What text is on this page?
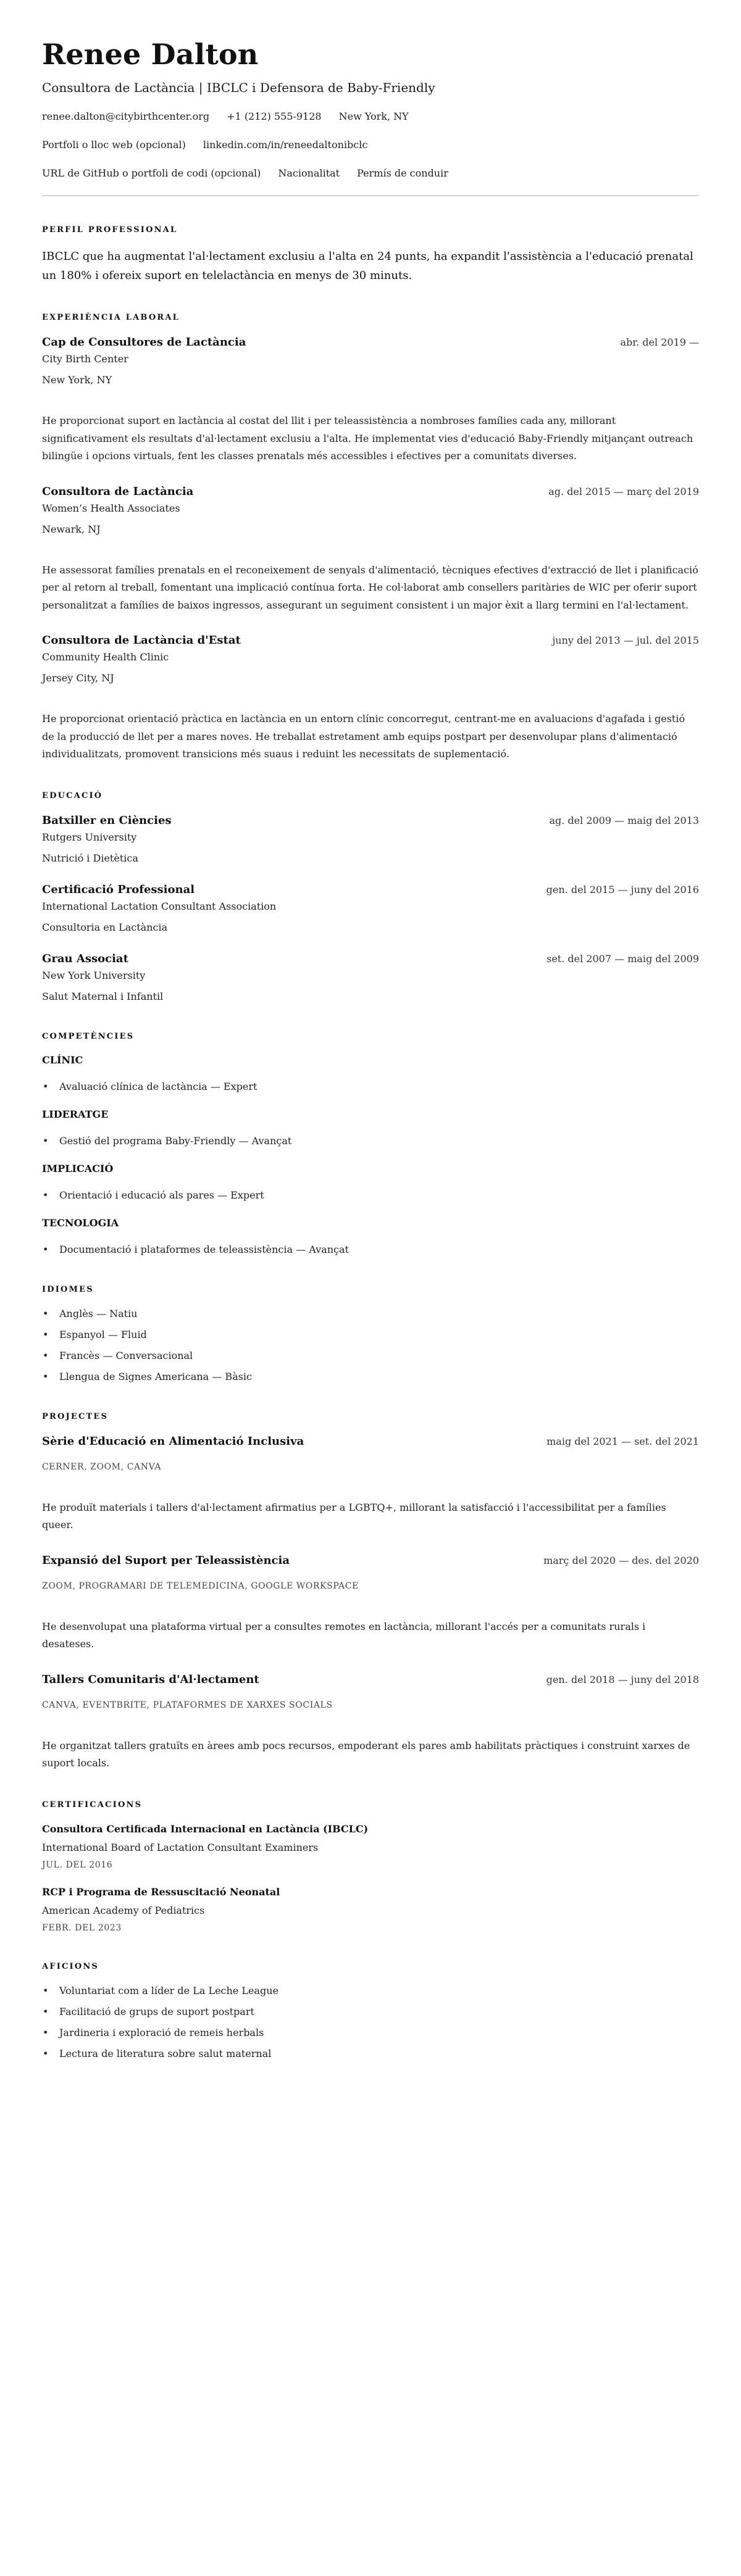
Renee Dalton
Consultora de Lactància | IBCLC i Defensora de Baby-Friendly
renee.dalton@citybirthcenter.org +1 (212) 555-9128 New York, NY
Portfoli o lloc web (opcional) linkedin.com/in/reneedaltonibclc
URL de GitHub o portfoli de codi (opcional) Nacionalitat Permís de conduir
PERFIL PROFESSIONAL

IBCLC que ha augmentat l'al·lectament exclusiu a l'alta en 24 punts, ha expandit l'assistència a l'educació prenatal un 180% i ofereix suport en telelactància en menys de 30 minuts.

EXPERIÈNCIA LABORAL
Cap de Consultores de Lactància	abr. del 2019 —
City Birth Center
New York, NY

He proporcionat suport en lactància al costat del llit i per teleassistència a nombroses famílies cada any, millorant significativament els resultats d'al·lectament exclusiu a l'alta. He implementat vies d'educació Baby-Friendly mitjançant outreach bilingüe i opcions virtuals, fent les classes prenatals més accessibles i efectives per a comunitats diverses.

Consultora de Lactància	ag. del 2015 — març del 2019
Women’s Health Associates
Newark, NJ

He assessorat famílies prenatals en el reconeixement de senyals d'alimentació, tècniques efectives d'extracció de llet i planificació per al retorn al treball, fomentant una implicació contínua forta. He col·laborat amb consellers paritàries de WIC per oferir suport personalitzat a famílies de baixos ingressos, assegurant un seguiment consistent i un major èxit a llarg termini en l'al·lectament.

Consultora de Lactància d'Estat	juny del 2013 — jul. del 2015
Community Health Clinic
Jersey City, NJ

He proporcionat orientació pràctica en lactància en un entorn clínic concorregut, centrant-me en avaluacions d'agafada i gestió de la producció de llet per a mares noves. He treballat estretament amb equips postpart per desenvolupar plans d'alimentació individualitzats, promovent transicions més suaus i reduint les necessitats de suplementació.

EDUCACIÓ
Batxiller en Ciències	ag. del 2009 — maig del 2013
Rutgers University
Nutrició i Dietètica
Certificació Professional	gen. del 2015 — juny del 2016
International Lactation Consultant Association
Consultoria en Lactància
Grau Associat	set. del 2007 — maig del 2009
New York University
Salut Maternal i Infantil
COMPETÈNCIES
CLÍNIC
• Avaluació clínica de lactància — Expert
LIDERATGE
• Gestió del programa Baby-Friendly — Avançat
IMPLICACIÓ
• Orientació i educació als pares — Expert
TECNOLOGIA
• Documentació i plataformes de teleassistència — Avançat
IDIOMES
• Anglès — Natiu
• Espanyol — Fluid
• Francès — Conversacional
• Llengua de Signes Americana — Bàsic
PROJECTES
Sèrie d'Educació en Alimentació Inclusiva	maig del 2021 — set. del 2021
CERNER, ZOOM, CANVA

He produït materials i tallers d'al·lectament afirmatius per a LGBTQ+, millorant la satisfacció i l'accessibilitat per a famílies queer.

Expansió del Suport per Teleassistència	març del 2020 — des. del 2020
ZOOM, PROGRAMARI DE TELEMEDICINA, GOOGLE WORKSPACE

He desenvolupat una plataforma virtual per a consultes remotes en lactància, millorant l'accés per a comunitats rurals i desateses.

Tallers Comunitaris d'Al·lectament	gen. del 2018 — juny del 2018
CANVA, EVENTBRITE, PLATAFORMES DE XARXES SOCIALS

He organitzat tallers gratuïts en àrees amb pocs recursos, empoderant els pares amb habilitats pràctiques i construint xarxes de suport locals.

CERTIFICACIONS
Consultora Certificada Internacional en Lactància (IBCLC)
International Board of Lactation Consultant Examiners
JUL. DEL 2016
RCP i Programa de Ressuscitació Neonatal
American Academy of Pediatrics
FEBR. DEL 2023
AFICIONS
• Voluntariat com a líder de La Leche League
• Facilitació de grups de suport postpart
• Jardineria i exploració de remeis herbals
• Lectura de literatura sobre salut maternal
